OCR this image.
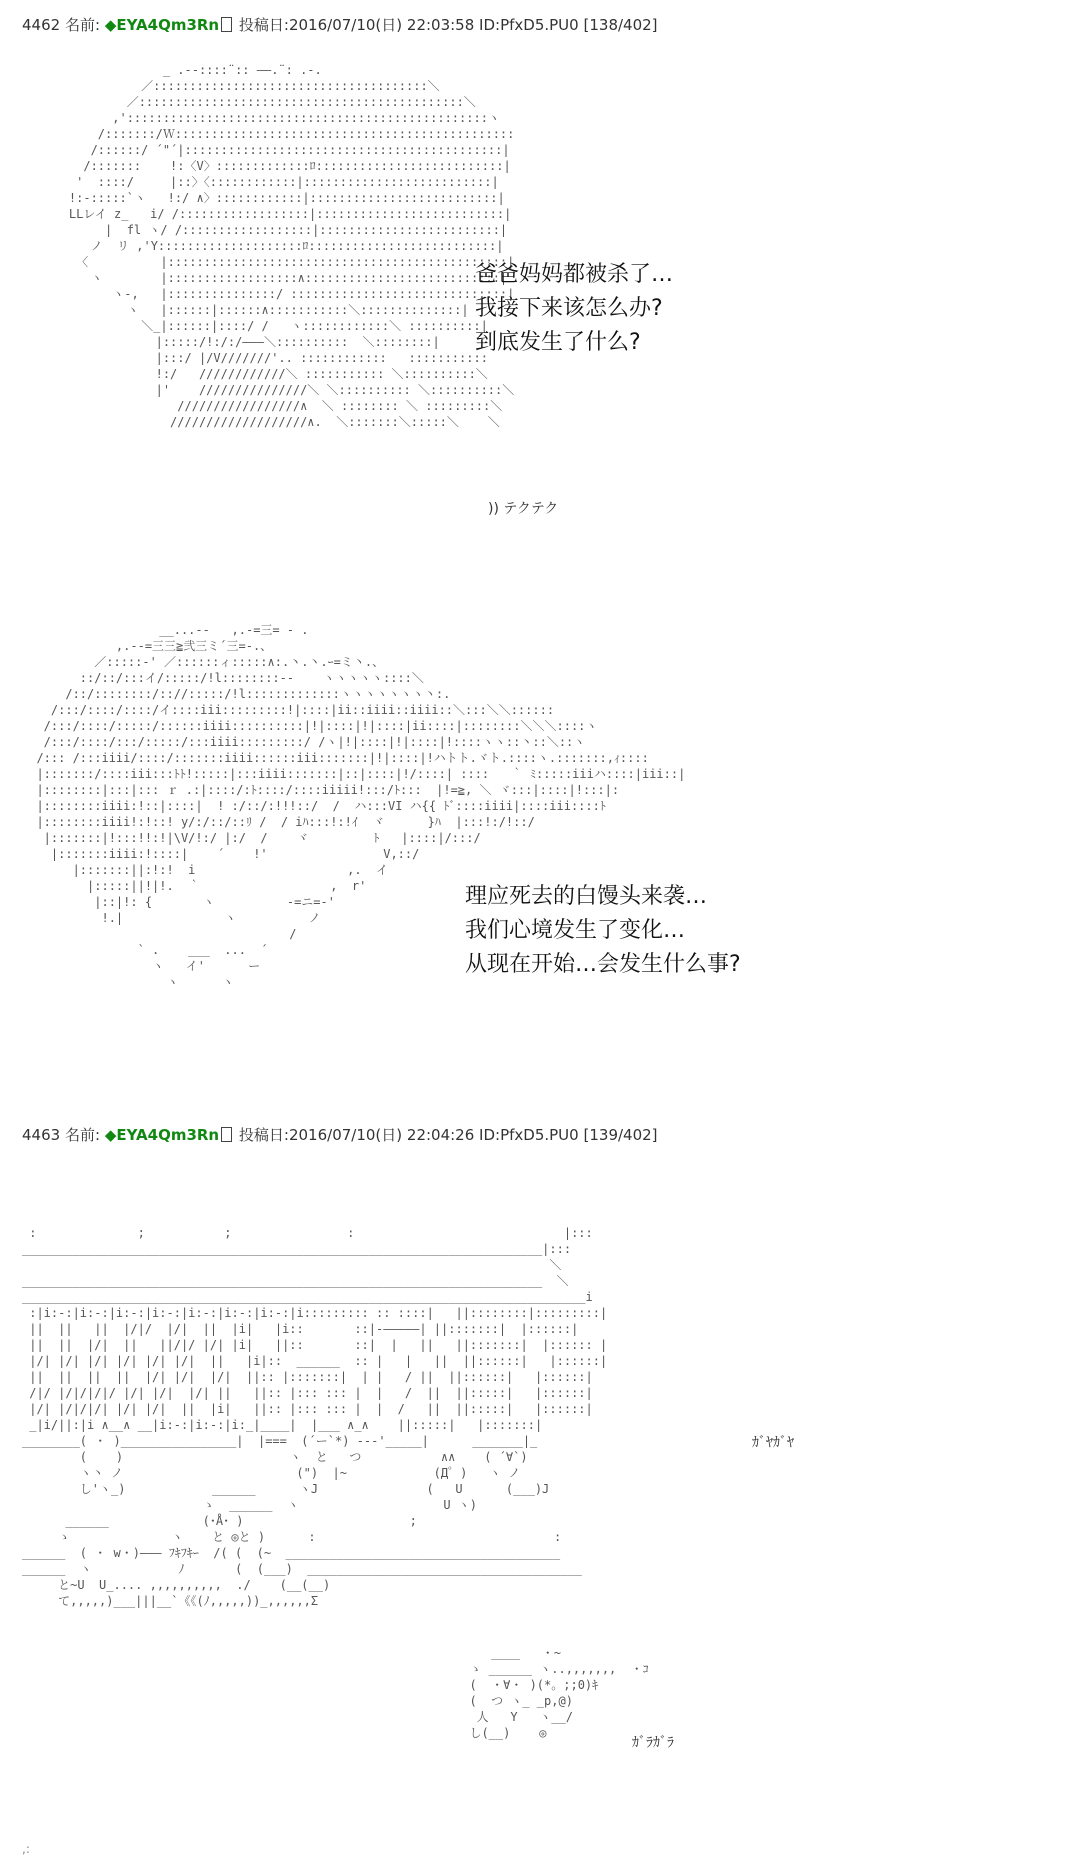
4462 名前: ◆EYA4Qm3Rn 投稿日:2016/07/10(日) 22:03:58 ID:PfxD5.PU0 [138/402]
_ .-‐::::¨:: ――.¨: .-.
／::::::::::::::::::::::::::::::::::::::＼
／:::::::::::::::::::::::::::::::::::::::::::::＼
,'::::::::::::::::::::::::::::::::::::::::::::::::::ヽ
/:::::::/Ｗ:::::::::::::::::::::::::::::::::::::::::::::::
/::::::/ ´"´|::::::::::::::::::::::::::::::::::::::::::::|
/:::::::    !:〈V〉:::::::::::::ﾛ::::::::::::::::::::::::::|
'  ::::/     |::〉〈::::::::::::|::::::::::::::::::::::::::|
!:‐:::::`ヽ   !:/ ∧〉::::::::::::|::::::::::::::::::::::::::|
LLレイ z_   i/ /::::::::::::::::::|::::::::::::::::::::::::::|
|  fl ヽ/ /::::::::::::::::::|:::::::::::::::::::::::::|
ノ  リ ,'Y::::::::::::::::::::ﾛ::::::::::::::::::::::::::|
〈          |:::::::::::::::::::::::::::::::::::::::::::::::|
ヽ        |::::::::::::::::::∧:::::::::::::::::::::::::::|
ヽ-,   |:::::::::::::::/ ::::::::::::::::::::::::::::::|
ヽ   |::::::|::::::∧:::::::::::＼::::::::::::::|
＼_|::::::|::::/ /   ヽ::::::::::::＼ ::::::::::|
|:::::/!:/:/―――＼::::::::::  ＼::::::::|
|:::/ |/V///////'.. ::::::::::::   :::::::::::
!:/   ////////////＼ ::::::::::: ＼::::::::::＼
|'    ///////////////＼ ＼:::::::::: ＼::::::::::＼
/////////////////∧  ＼ :::::::: ＼ :::::::::＼
///////////////////∧.  ＼:::::::＼:::::＼    ＼

)) テクテク
爸爸妈妈都被杀了…
我接下来该怎么办?
到底发生了什么?
__...--   ,.-=三= - .
,.-‐=三三≧弐三ミ´三=-.、
／:::::-' ／::::::ィ:::::∧:.丶.丶.ｰ=ミ丶.、
::/::/:::イ/:::::/!l::::::::-‐    ヽヽヽヽヽ::::＼
/::/::::::::/:://:::::/!l:::::::::::::ヽヽヽヽヽヽヽ丶:.
/:::/::::/::::/イ::::iii:::::::::!|::::|ii::iiii::iiii::＼:::＼＼::::::
/:::/::::/:::::/::::::iiii::::::::::|!|::::|!|::::|ii::::|::::::::＼＼＼::::ヽ
/:::/::::/:::/:::::/:::iiii:::::::::/ /ヽ|!|::::|!|::::|!::::ヽヽ::丶::＼::ヽ
/::: /:::iiii/::::/:::::::iiii::::::iii:::::::|!|::::|!ハトト.ヾト.::::ヽ.:::::::,ｨ::::
|:::::::/::::iii:::ﾄﾄ!:::::|:::iiii:::::::|::|::::|!/::::| ::::   ｀ ﾐ:::::iiiハ::::|iii::|
|::::::::|:::|::: ｒ .:|::::/:ﾄ::::/::::iiiii!:::/ﾄ:::  |!=≧, ＼ ヾ:::|::::|!:::|:
|::::::::iiii:!::|::::|  ! :/::/:!!!::/  /  ハ:::VI ハ{{ ﾄﾞ::::iiii|::::iii::::ﾄ
|::::::::iiii!:!::! y/:/::/::ﾘ /  / iﾊ:::!:!ｲ  ヾ      }ﾊ  |:::!:/!::/
|:::::::|!:::!!:!|\V/!:/ |:/  /    ヾ         ﾄ   |::::|/:::/
|:::::::iiii:!::::|    ´    !'                V,::/
|:::::::||:!:!  i                     ,.  イ
|:::::||!|!.  ｀                  ,  r'
|::|!: {       ヽ          -=ニ=‐'
!.|              ヽ          ノ
/
` .    ___  ...  ´
ヽ   イ'      ー
ヽ      ヽ

理应死去的白馒头来袭…
我们心境发生了变化…
从现在开始…会发生什么事?
4463 名前: ◆EYA4Qm3Rn 投稿日:2016/07/10(日) 22:04:26 ID:PfxD5.PU0 [139/402]
:              ;           ;                :                             |:::
________________________________________________________________________|:::
＼
________________________________________________________________________  ＼
______________________________________________________________________________i
:|i:-:|i:-:|i:-:|i:-:|i:-:|i:-:|i:-:|i::::::::: :: ::::|   ||::::::::|:::::::::|
||  ||   ||  |/|/  |/|  ||  |i|   |i::       ::|‐―――――| ||:::::::|  |::::::|
||  ||  |/|  ||   ||/|/ |/| |i|   ||::       ::|  |   ||   ||:::::::|  |:::::: |
|/| |/| |/| |/| |/| |/|  ||   |i|::  ______  :: |   |   ||  ||::::::|   |::::::|
||  ||  ||  ||  |/| |/|  |/|  ||:: |:::::::|  | |   / ||  ||::::::|   |::::::|
/|/ |/|/|/|/ |/| |/|  |/| ||   ||:: |::: ::: |  |   /  ||  ||:::::|   |::::::|
|/| |/|/|/| |/| |/|  ||  |i|   ||:: |::: ::: |  |  /   ||  ||:::::|   |::::::|
_|i/||:|i ∧__∧ __|i:-:|i:-:|i:_|____|  |___ ∧_∧    ||:::::|   |:::::::|
________( ・ )________________|  |===  (´ー`*) ---'_____|      _______|_
(    )                       ヽ  と   つ           ∧∧    ( ´∀`)
ヽ丶 ノ                        (")  |~            (Д゜)   ヽ ノ
し'ヽ_)            ______      ヽJ               (   U      (___)J
ゝ  ______  ヽ                    U ヽ)
______             (･Å･ )                       ;
ゝ              ヽ    と ◎と )      :                                 :
______  ( ・ w・)――― ﾌｷﾌｷｰ  /( (  (~  ______________________________________
______  ヽ            ﾉ       (  (___)  ______________________________________
と~U  U_.... ,,,,,,,,,,  ./    (__(__)
て,,,,,)___|||__`《《(ﾉ,,,,,))_,,,,,,Σ

ｶﾞﾔｶﾞﾔ
____   ・~
ゝ ______ ヽ..,,,,,,,  ・ｺ
(  ・∀・ )(*。;;0)ｷ
(  つ ヽ_ _p,@)
人   Y   ヽ__/
し(__)    ◎

ｶﾞﾗｶﾞﾗ
,:
